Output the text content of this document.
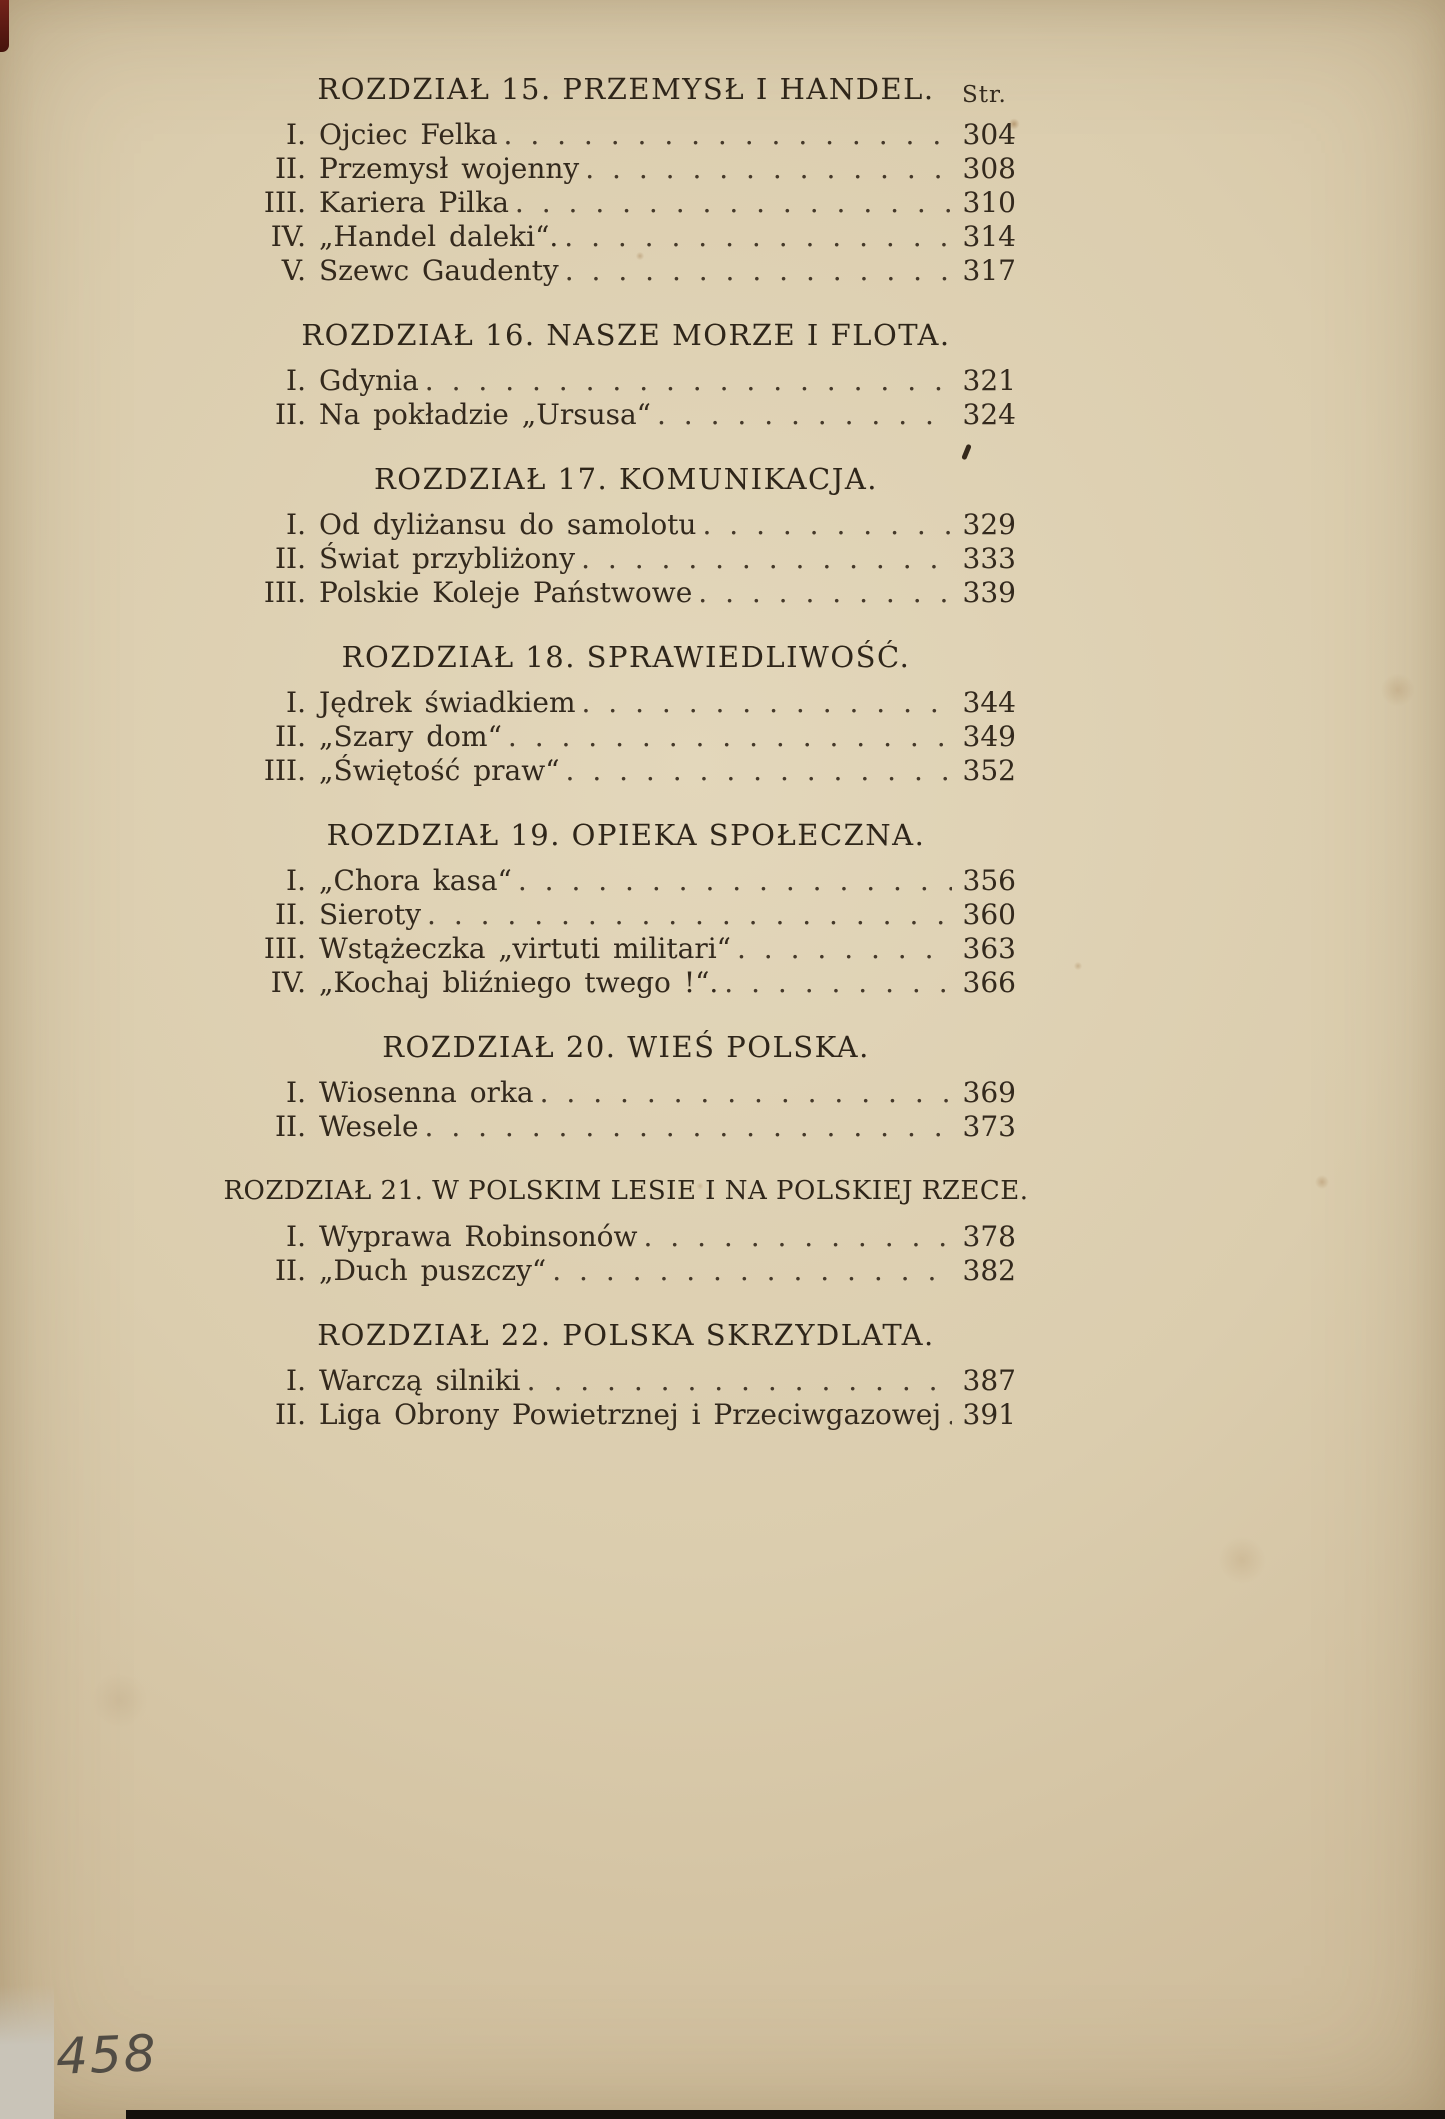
Str.
ROZDZIAŁ 15. PRZEMYSŁ I HANDEL.
I. Ojciec Felka . . .	304
II. Przemysł wojenny . . .	308
III. Kariera Pilka . . .	310
IV. „Handel daleki“. . . .	314
V. Szewc Gaudenty . . .	317
ROZDZIAŁ 16. NASZE MORZE I FLOTA.
I. Gdynia . . .	321
II. Na pokładzie „Ursusa“ . . .	324
ROZDZIAŁ 17. KOMUNIKACJA.
I. Od dyliżansu do samolotu . . .	329
II. Świat przybliżony . . .	333
III. Polskie Koleje Państwowe . . .	339
ROZDZIAŁ 18. SPRAWIEDLIWOŚĆ.
I. Jędrek świadkiem . . .	344
II. „Szary dom“ . . .	349
III. „Świętość praw“ . . .	352
ROZDZIAŁ 19. OPIEKA SPOŁECZNA.
I. „Chora kasa“ . . .	356
II. Sieroty . . .	360
III. Wstążeczka „virtuti militari“ . . .	363
IV. „Kochaj bliźniego twego !“. . . .	366
ROZDZIAŁ 20. WIEŚ POLSKA.
I. Wiosenna orka . . .	369
II. Wesele . . .	373
ROZDZIAŁ 21. W POLSKIM LESIE I NA POLSKIEJ RZECE.
I. Wyprawa Robinsonów . . .	378
II. „Duch puszczy“ . . .	382
ROZDZIAŁ 22. POLSKA SKRZYDLATA.
I. Warczą silniki . . .	387
II. Liga Obrony Powietrznej i Przeciwgazowej . . . 391
458
